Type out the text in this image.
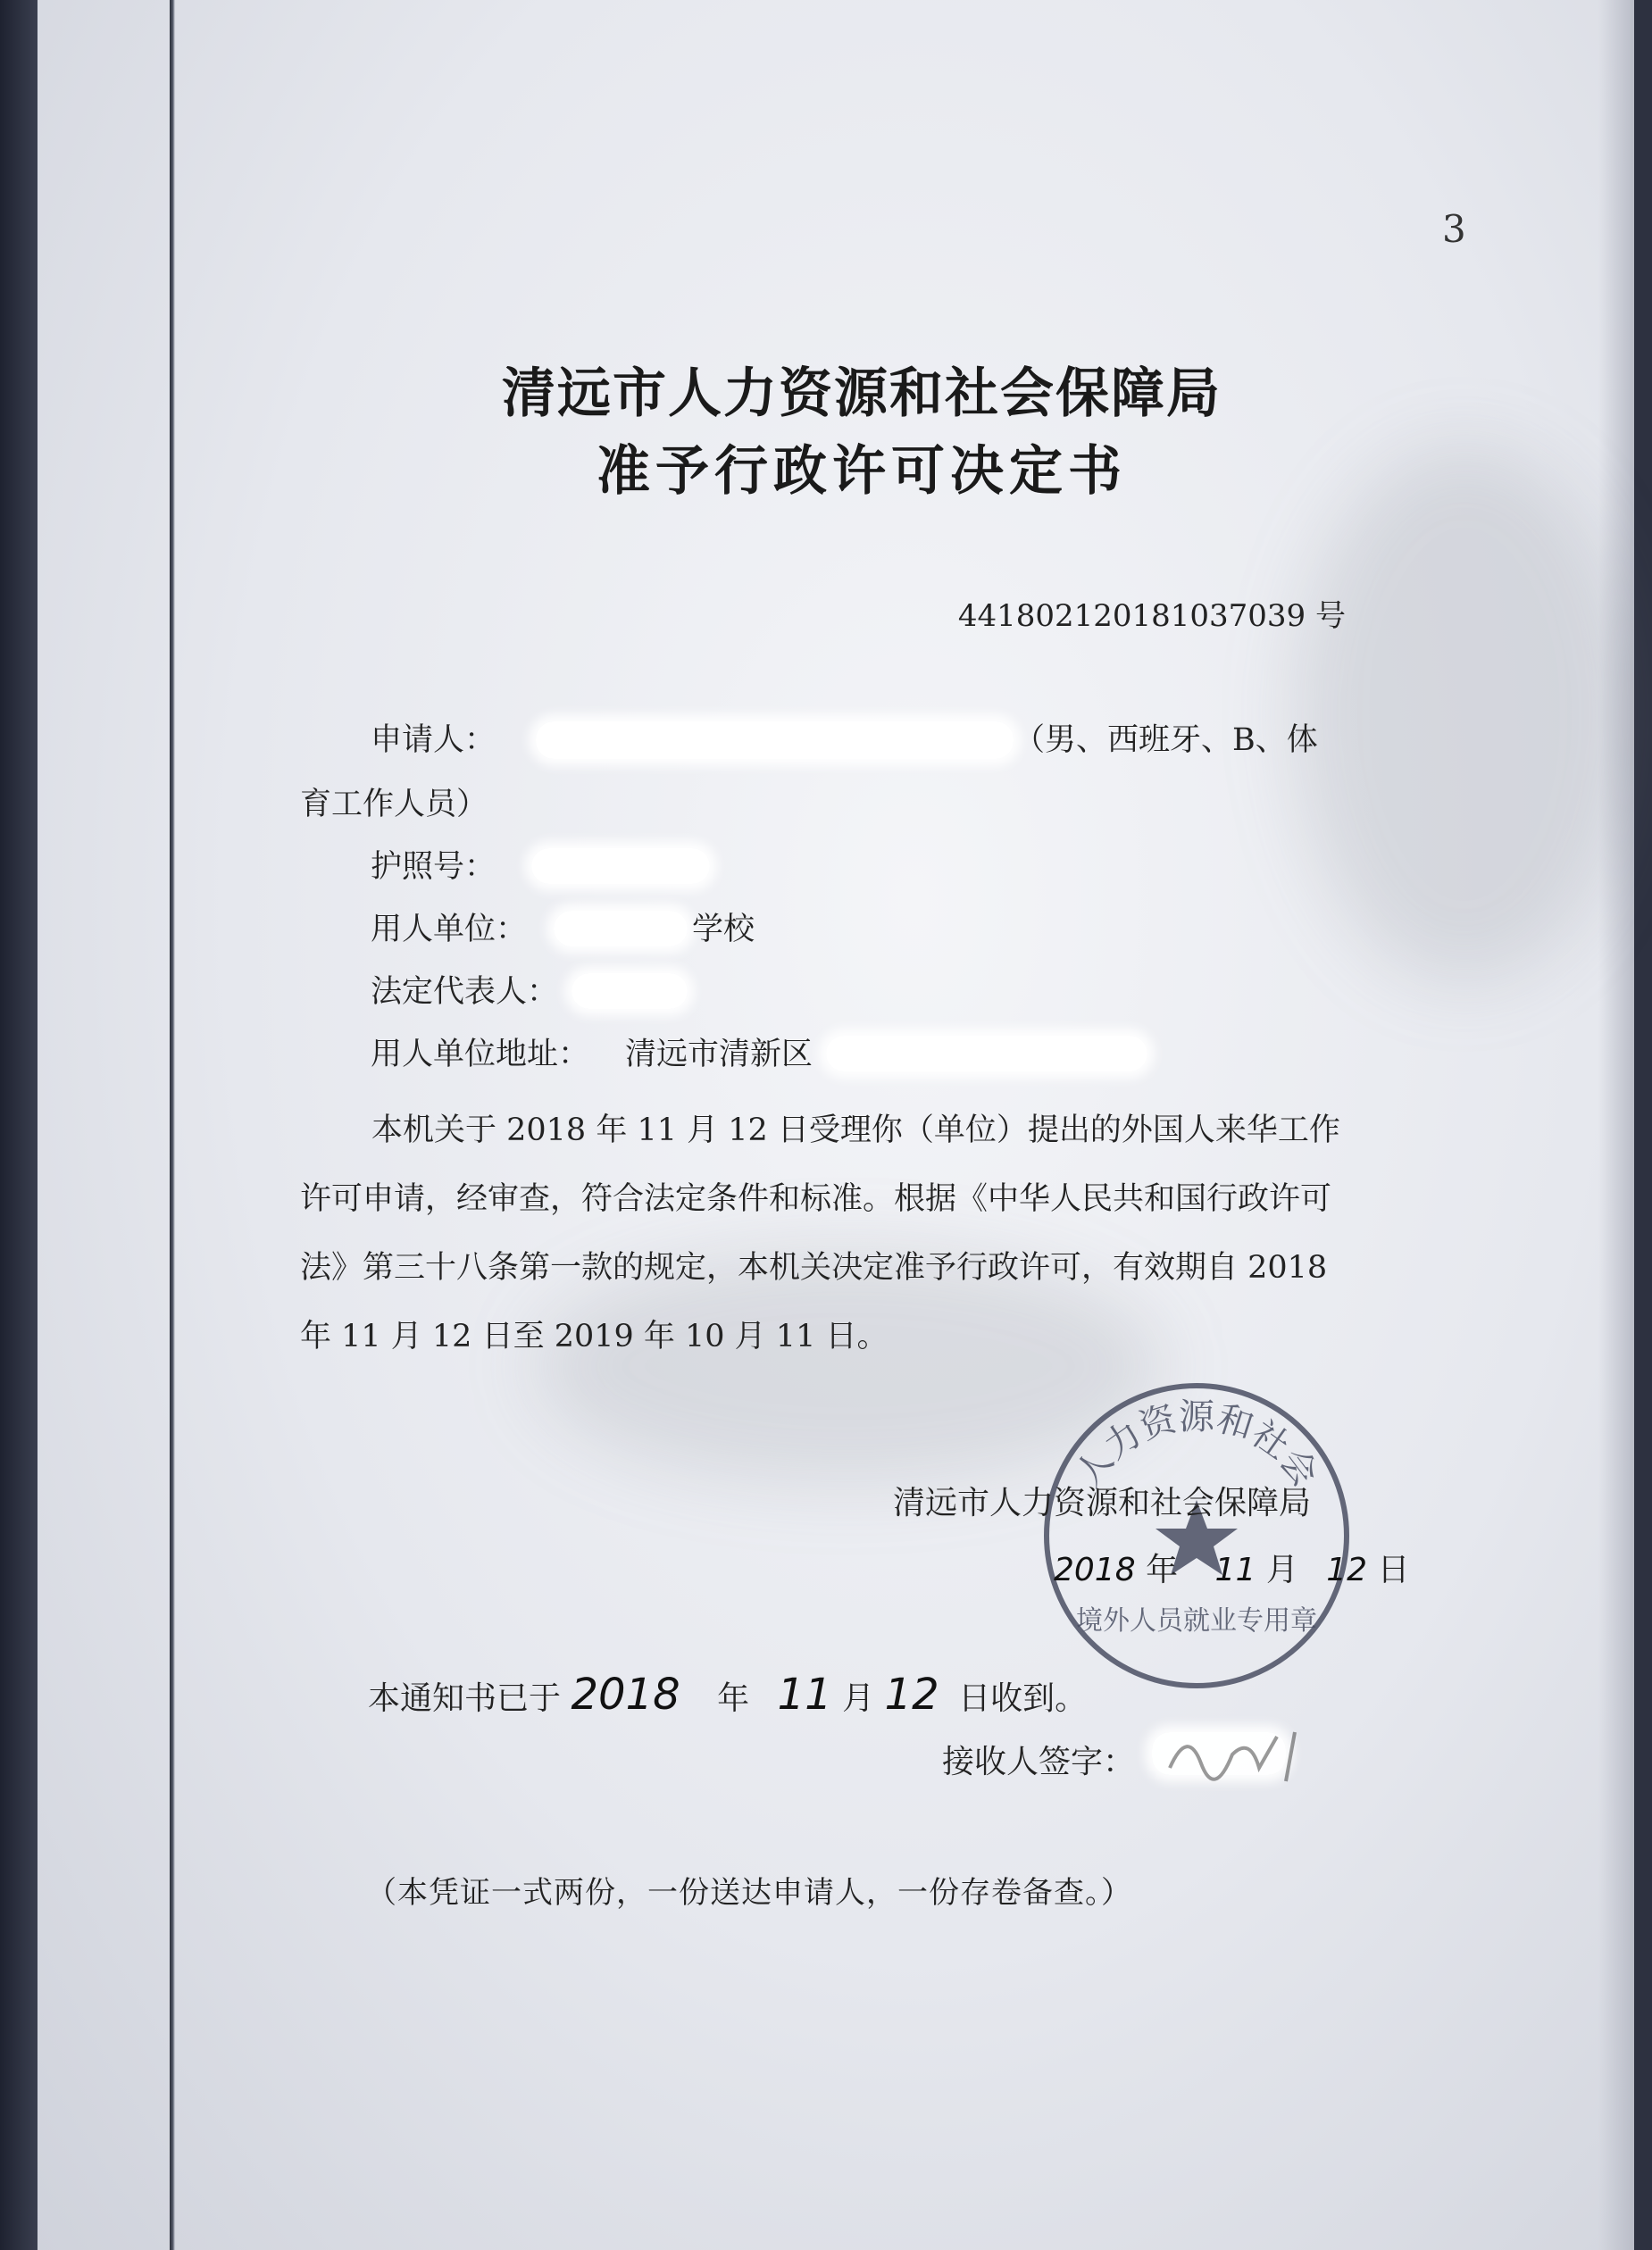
3
清远市人力资源和社会保障局
准予行政许可决定书
441802120181037039 号
申请人：	（男、西班牙、B、体
育工作人员）
护照号：
用人单位：	学校
法定代表人：
用人单位地址： 清远市清新区
本机关于 2018 年 11 月 12 日受理你（单位）提出的外国人来华工作许可申请，经审查，符合法定条件和标准。根据《中华人民共和国行政许可法》第三十八条第一款的规定，本机关决定准予行政许可，有效期自 2018 年 11 月 12 日至 2019 年 10 月 11 日。
人力资源和社会
境外人员就业专用章
清远市人力资源和社会保障局
2018 年 11 月 12 日
本通知书已于 2018 年 11 月 12 日收到。
接收人签字：
（本凭证一式两份，一份送达申请人，一份存卷备查。）
